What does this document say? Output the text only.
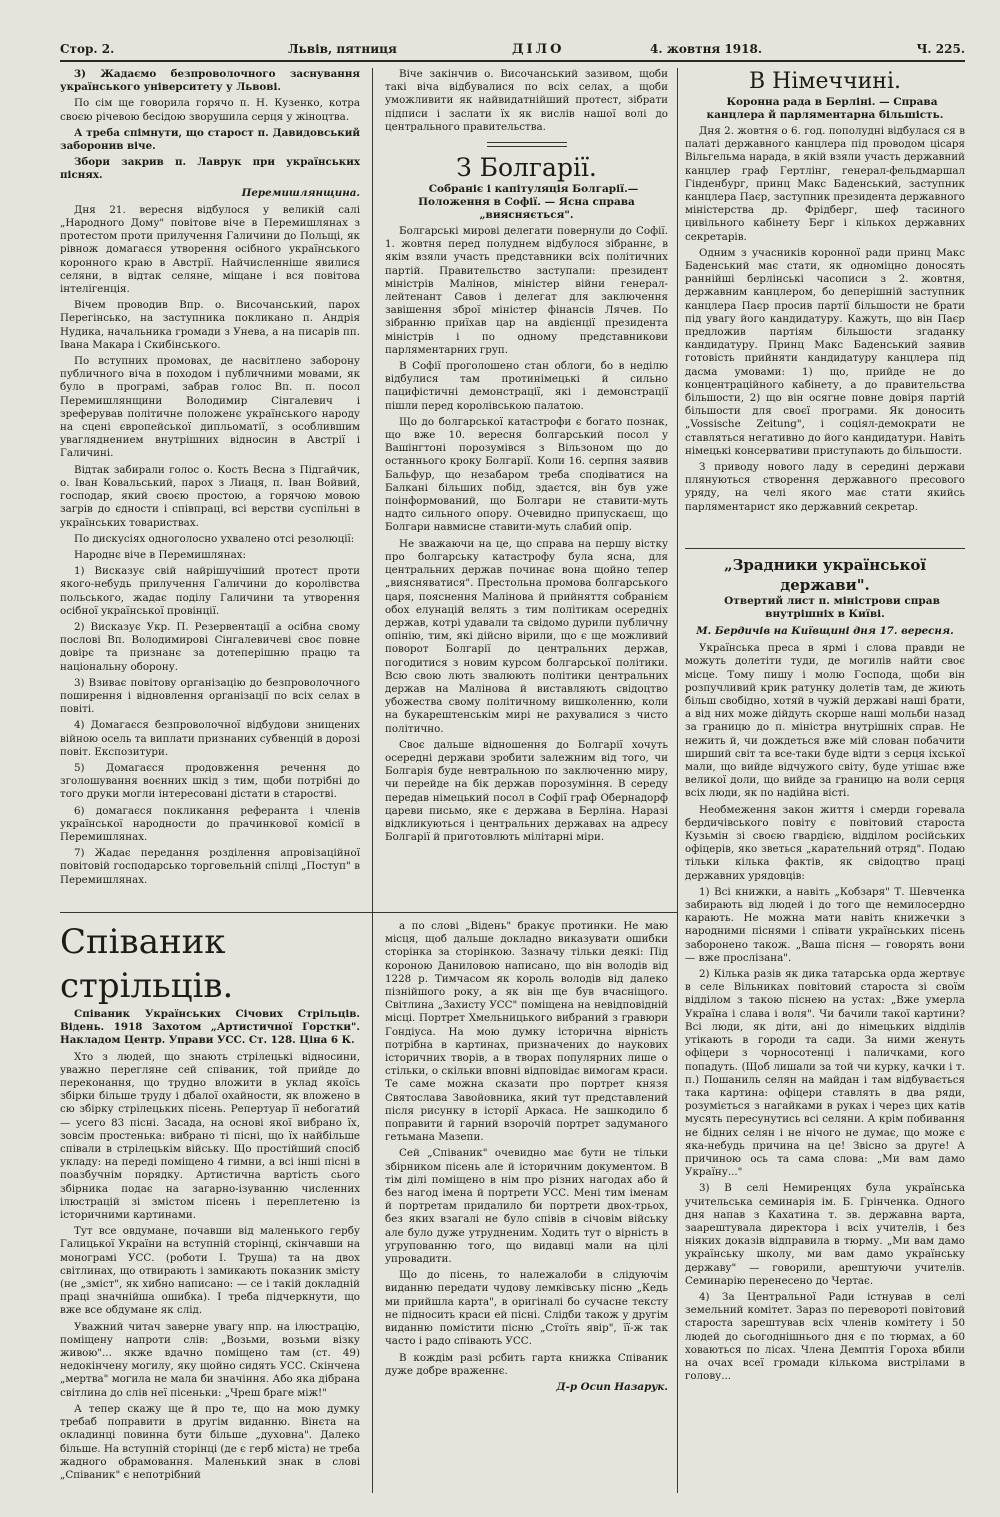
Стор. 2.	Львів, пятниця	ДІЛО	4. жовтня 1918.	Ч. 225.

3) Жадаємо безпроволочного заснування українського університету у Львові.

По сім ще говорила горячо п. Н. Кузенко, котра своєю річевою бесідою зворушила серця у жіноцтва.

А треба спімнути, що старост п. Давидовський заборонив віче.

Збори закрив п. Лаврук при українських піснях.

Перемишлянщина.

Дня 21. вересня відбулося у великій салі „Народного Дому" повітове віче в Перемишлянах з протестом проти прилучення Галичини до Польщі, як рівнож домагаєся утворення осібного українського коронного краю в Австрії. Найчисленніше явилися селяни, в відтак селяне, міщане і вся повітова інтелігенція.

Вічем проводив Впр. о. Височанський, парох Перегінсько, на заступника покликано п. Андрія Нудика, начальника громади з Унева, а на писарів пп. Івана Макара і Скибінського.

По вступних промовах, де насвітлено заборону публичного віча в походом і публичними мовами, як було в програмі, забрав голос Вп. п. посол Перемишлянщини Володимир Сінгалевич і зреферував політичне положенє українського народу на сцені європейської дипльоматії, з особлившим увагляднением внутрішних відносин в Австрії і Галичині.

Відтак забирали голос о. Кость Весна з Підгайчик, о. Іван Ковальський, парох з Лиаця, п. Іван Войвий, господар, який своєю простою, а горячою мовою загрів до єдности і співпраці, всі верстви суспільні в українських товариствах.

По дискусіях одноголосно ухвалено отсі резолюції:

Народнє віче в Перемишлянах:

1) Висказує свій найрішучіший протест проти якого-небудь прилучення Галичини до королівства польського, жадає поділу Галичини та утворення осібної української провінції.

2) Висказує Укр. П. Резервентації а осібна свому послові Вп. Володимирові Сінгалевичеві своє повне довірє та признанє за дотеперішню працю та національну оборону.

3) Взиває повітову організацію до безпроволочного поширення і відновлення організації по всіх селах в повіті.

4) Домагаєся безпроволочної відбудови знищених війною осель та виплати признаних субвенцій в дорозі повіт. Експозитури.

5) Домагаєся продовження речення до зголошування воєнних шкід з тим, щоби потрібні до того друки могли інтересовані дістати в старостві.

6) домагаєся покликання реферанта і членів української народности до прачинкової комісії в Перемишлянах.

7) Жадає передання розділення апровізаційної повітовій господарсько торговельній спілці „Поступ" в Перемишлянах.

Віче закінчив о. Височанський зазивом, щоби такі віча відбувалися по всіх селах, а щоби уможливити як найвидатнійший протест, зібрати підписи і заслати їх як вислів нашої волі до центрального правительства.

З Болгарії.

Собраніє і капітуляція Болгарії.— Положення в Софії. — Ясна справа „виясняється".

Болгарські мирові делегати повернули до Софії. 1. жовтня перед полуднем відбулося зібраннє, в якім взяли участь представники всіх політичних партій. Правительство заступали: президент міністрів Малінов, міністер війни генерал-лейтенант Савов і делегат для заключення завішення зброї міністер фінансів Лячев. По зібранню приїхав цар на авдієнції президента міністрів і по одному представникови парляментарних груп.

В Софії проголошено стан облоги, бо в неділю відбулися там протинімецькі й сильно пацифістичні демонстрації, які і демонстрації пішли перед королівською палатою.

Що до болгарської катастрофи є богато познак, що вже 10. вересня болгарський посол у Вашінгтоні порозумівся з Вільзоном що до останнього кроку Болгарії. Коли 16. серпня заявив Бальфур, що незабаром треба сподіватися на Балкані більших побід, здаєтся, він був уже поінформований, що Болгари не ставити-муть надто сильного опору. Очевидно припускаєш, що Болгари навмисне ставити-муть слабий опір.

Не зважаючи на це, що справа на першу вістку про болгарську катастрофу була ясна, для центральних держав починає вона щойно тепер „виясняватися". Престольна промова болгарського царя, пояснення Малінова й прийняття собранієм обох елунацій велять з тим політикам осередніх держав, котрі удавали та свідомо дурили публичну опінію, тим, які дійсно вірили, що є ще можливий поворот Болгарії до центральних держав, погодитися з новим курсом болгарської політики. Всю свою лють звалюють політики центральних держав на Малінова й виставляють свідоцтво убожества свому політичному вишколенню, коли на букарештенськім мирі не рахувалися з чисто політично.

Своє дальше відношення до Болгарії хочуть осередні держави зробити залежним від того, чи Болгарія буде невтральною по заключенню миру, чи перейде на бік держав порозуміння. В середу передав німецький посол в Софії граф Обернадорф цареви письмо, яке є держава в Берліна. Наразі відкликуються і центральних державах на адресу Болгарії й приготовлють мілітарні міри.

В Німеччині.

Коронна рада в Берліні. — Справа канцлера й парляментарна більшість.

Дня 2. жовтня о 6. год. пополудні відбулася ся в палаті державного канцлера під проводом цісаря Вільгельма нарада, в якій взяли участь державний канцлер граф Гертлінг, генерал-фельдмаршал Гінденбург, принц Макс Баденський, заступник канцлера Паєр, заступник президента державного міністерства др. Фрідберг, шеф тасиного цивільного кабінету Берг і кількох державних секретарів.

Одним з учасників коронної ради принц Макс Баденський має стати, як одноміцно доносять раннійші берлінські часописи з 2. жовтня, державним канцлером, бо деперішній заступник канцлера Паєр просив партії більшости не брати під увагу його кандидатуру. Кажуть, що він Паєр предложив партіям більшости згаданку кандидатуру. Принц Макс Баденський заявив готовість прийняти кандидатуру канцлера під дасма умовами: 1) що, прийде не до концентраційного кабінету, а до правительства більшости, 2) що він осягне повне довіря партій більшости для своєї програми. Як доносить „Vossische Zeitung", і соціял-демократи не ставляться негативно до його кандидатури. Навіть німецькі консервативи приступають до більшости.

З приводу нового ладу в середині держави плянуються створення державного пресового уряду, на челі якого має стати якийсь парляментарист яко державний секретар.

„Зрадники української держави".

Отвертий лист п. міністрови справ внутрішніх в Київі.

М. Бердичів на Київщині дня 17. вересня.

Українська преса в ярмі і слова правди не можуть долетіти туди, де могилів найти своє місце. Тому пишу і молю Господа, щоби він розпучливий крик ратунку долетів там, де жиють більш свобідно, хотяй в чужій державі наші брати, а від них може дійдуть скорше наші мольби назад за границю до п. міністра внутрішніх справ. Не нежить й, чи дождеться вже мій слован побачити ширший світ та все-таки буде відти з серця іхської мали, що вийде відчужого світу, буде утішає вже великої доли, що вийде за границю на воли серця всіх люди, як по надійна вісті.

Необмеження закон життя і смерди горевала бердичівського повіту є повітовий староста Кузьмін зі своєю гвардією, відділом російських офіцерів, яко зветься „карательний отряд". Подаю тільки кілька фактів, як свідоцтво праці державних урядовців:

1) Всі книжки, а навіть „Кобзаря" Т. Шевченка забирають від людей і до того ще немилосердно карають. Не можна мати навіть книжечки з народними піснями і співати українських пісень заборонено також. „Ваша пісня — говорять вони — вже прослізана".

2) Кілька разів як дика татарська орда жертвує в селе Вільниках повітовий староста зі своїм відділом з такою піснею на устах: „Вже умерла Україна і слава і воля". Чи бачили такої картини? Всі люди, як діти, ані до німецьких відділів утікають в городи та сади. За ними женуть офіцери з чорносотенці і паличками, кого попадуть. (Щоб лишали за той чи курку, качки і т. п.) Пошаниль селян на майдан і там відбувається така картина: офіцери ставлять в два ряди, розуміється з нагайками в руках і через цих катів мусять пересунутись всі селяни. А крім побивання не бідних селян і не нічого не думає, що може є яка-небудь причина на це! Звісно за друге! А причиною ось та сама слова: „Ми вам дамо Україну..."

3) В селі Немиренцях була українська учительська семинарія ім. Б. Грінченка. Одного дня напав з Кахатина т. зв. державна варта, заарештувала директора і всіх учителів, і без ніяких доказів відправила в тюрму. „Ми вам дамо українську школу, ми вам дамо українську державу" — говорили, арештуючи учителів. Семинарію перенесено до Чертає.

4) За Центральної Ради істнував в селі земельний комітет. Зараз по перевороті повітовий староста зарештував всіх членів комітету і 50 людей до сьогоднішнього дня є по тюрмах, а 60 ховаються по лісах. Члена Демптія Гороха вбили на очах всеї громади кількома вистрілами в голову...

Співаник стрільців.

Співаник Українських Січових Стрільців. Відень. 1918 Захотом „Артистичної Горстки". Накладом Центр. Управи УСС. Ст. 128. Ціна 6 К.

Хто з людей, що знають стрілецькі відносини, уважно перегляне сей співаник, той прийде до переконання, що трудно вложити в уклад якоїсь збірки більше труду і дбалої охайности, як вложено в сю збірку стрілецьких пісень. Репертуар її небогатий — усего 83 пісні. Засада, на основі якої вибрано їх, зовсім простенька: вибрано ті пісні, що їх найбільше співали в стрілецькім війську. Що простійший спосіб укладу: на переді поміщено 4 гимни, а всі інші пісні в поазбучнім порядку. Артистична вартість сього збірника подає на загарно-ізуванню численних ілюстрацій зі змістом пісень і переплетеню із історичними картинами.

Тут все овдумане, почавши від маленького гербу Галицької України на вступній сторінці, скінчавши на монограмі УСС. (роботи І. Труша) та на двох світлинах, що отвирають і замикають показник змісту (не „зміст", як хибно написано: — се і такій докладній праці значнійша ошибка). І треба підчеркнути, що вже все обдумане як слід.

Уважний читач заверне увагу нпр. на ілюстрацію, поміщену напроти слів: „Возьми, возьми візку живою"... якже вдачно поміщено там (ст. 49) недокінчену могилу, яку щойно сидять УСС. Скінчена „мертва" могила не мала би значіння. Або яка дібрана світлина до слів неї пісеньки: „Чреш браге між!"

А тепер скажу ще й про те, що на мою думку требаб поправити в другім виданню. Вінєта на окладинці повинна бути більше „духовна". Далеко більше. На вступній сторінці (де є герб міста) не треба жадного обрамовання. Маленький знак в слові „Співаник" є непотрібний

а по слові „Відень" бракує протинки. Не маю місця, щоб дальше докладно виказувати ошибки сторінка за сторінкою. Зазначу тільки деякі: Під короною Даниловою написано, що він володів від 1228 р. Тимчасом як король володів від далеко пізнійшого року, а як він ще був вчасніщого. Світлина „Захисту УСС" поміщена на невідповідній місці. Портрет Хмельницького вибраний з гравюри Гондіуса. На мою думку історична вірність потрібна в картинах, призначених до наукових історичних творів, а в творах популярних лише о стільки, о скільки вповні відповідає вимогам краси. Те саме можна сказати про портрет князя Святослава Завойовника, який тут представлений після рисунку в історії Аркаса. Не зашкодило б поправити й гарний взорочій портрет задуманого гетьмана Мазепи.

Сей „Співаник" очевидно має бути не тільки збірником пісень але й історичним документом. В тім ділі поміщено в нім про різних нагодах або й без нагод імена й портрети УСС. Мені тим іменам й портретам придалило би портрети двох-трьох, без яких взагалі не було співів в січовім війську але було дуже утрудненим. Ходить тут о вірність в угрупованню того, що видавці мали на цілі упровадити.

Що до пісень, то належалоби в слідуючім виданню передати чудову лемківську пісню „Кедь ми прийшла карта", в оригіналі бо сучасне тексту не підносить краси ей пісні. Слідби також у другім виданню помістити пісню „Стоїть явір", її-ж так часто і радо співають УСС.

В кождім разі рсбить гарта книжка Співаник дуже добре враженнє.

Д-р Осип Назарук.
